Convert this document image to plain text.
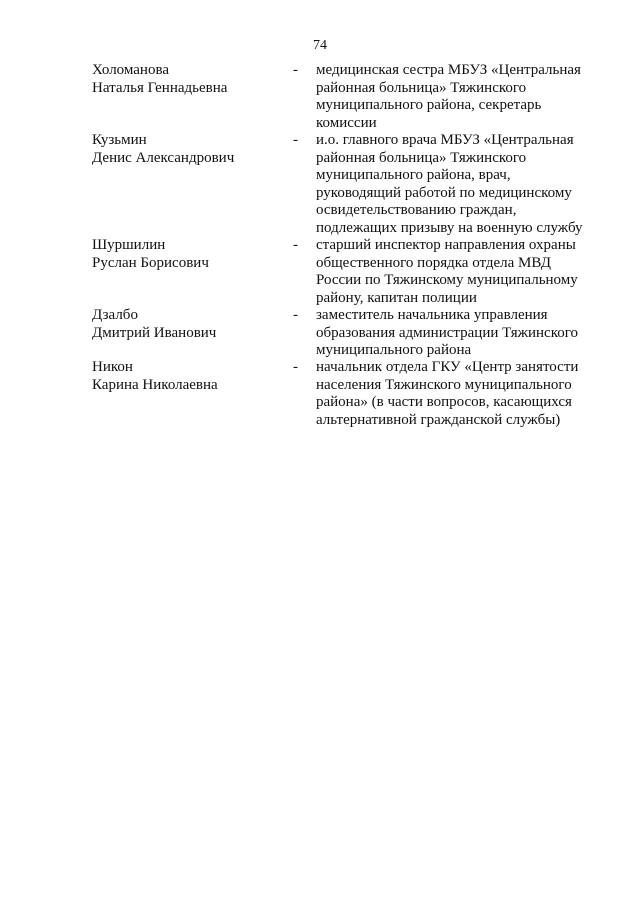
74
Холоманова
Наталья Геннадьевна
- медицинская сестра МБУЗ «Центральная
районная больница» Тяжинского
муниципального района, секретарь
комиссии
Кузьмин
Денис Александрович
- и.о. главного врача МБУЗ «Центральная
районная больница» Тяжинского
муниципального района, врач,
руководящий работой по медицинскому
освидетельствованию граждан,
подлежащих призыву на военную службу
Шуршилин
Руслан Борисович
- старший инспектор направления охраны
общественного порядка отдела МВД
России по Тяжинскому муниципальному
району, капитан полиции
Дзалбо
Дмитрий Иванович
- заместитель начальника управления
образования администрации Тяжинского
муниципального района
Никон
Карина Николаевна
- начальник отдела ГКУ «Центр занятости
населения Тяжинского муниципального
района» (в части вопросов, касающихся
альтернативной гражданской службы)
